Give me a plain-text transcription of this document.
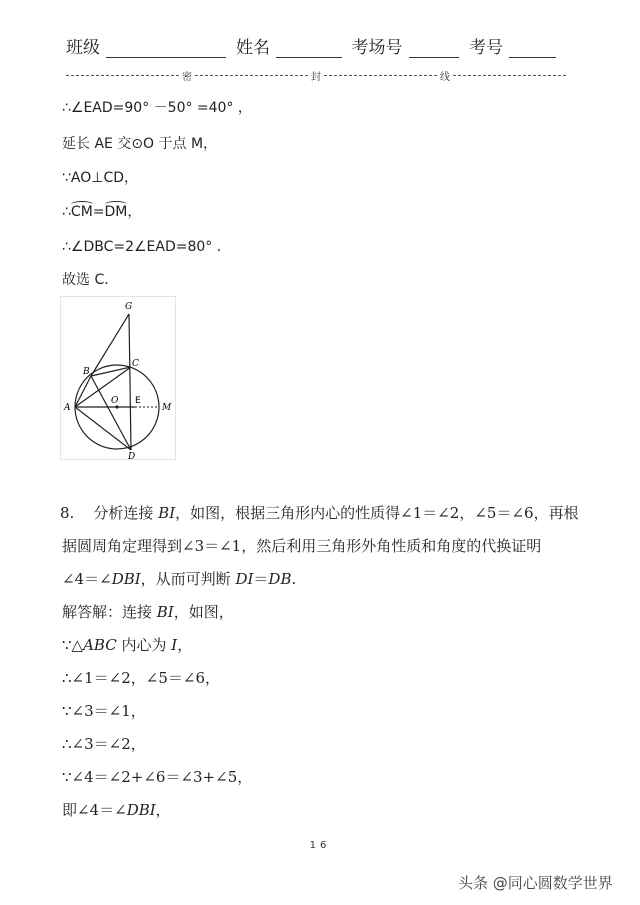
班级	姓名	考场号	考号
密	封	线
∴∠EAD=90° －50° =40° ，
延长 AE 交⊙O 于点 M，
∵AO⊥CD，
∴CM=DM，
∴∠DBC=2∠EAD=80° ．
故选 C．
G
B
C
A
O E
M
D
8. 分析连接 BI，如图，根据三角形内心的性质得∠1＝∠2，∠5＝∠6，再根
据圆周角定理得到∠3＝∠1，然后利用三角形外角性质和角度的代换证明
∠4＝∠DBI，从而可判断 DI＝DB.
解答解：连接 BI，如图，
∵△ABC 内心为 I，
∴∠1＝∠2，∠5＝∠6，
∵∠3＝∠1，
∴∠3＝∠2，
∵∠4＝∠2+∠6＝∠3+∠5，
即∠4＝∠DBI，
16
头条 @同心圆数学世界
